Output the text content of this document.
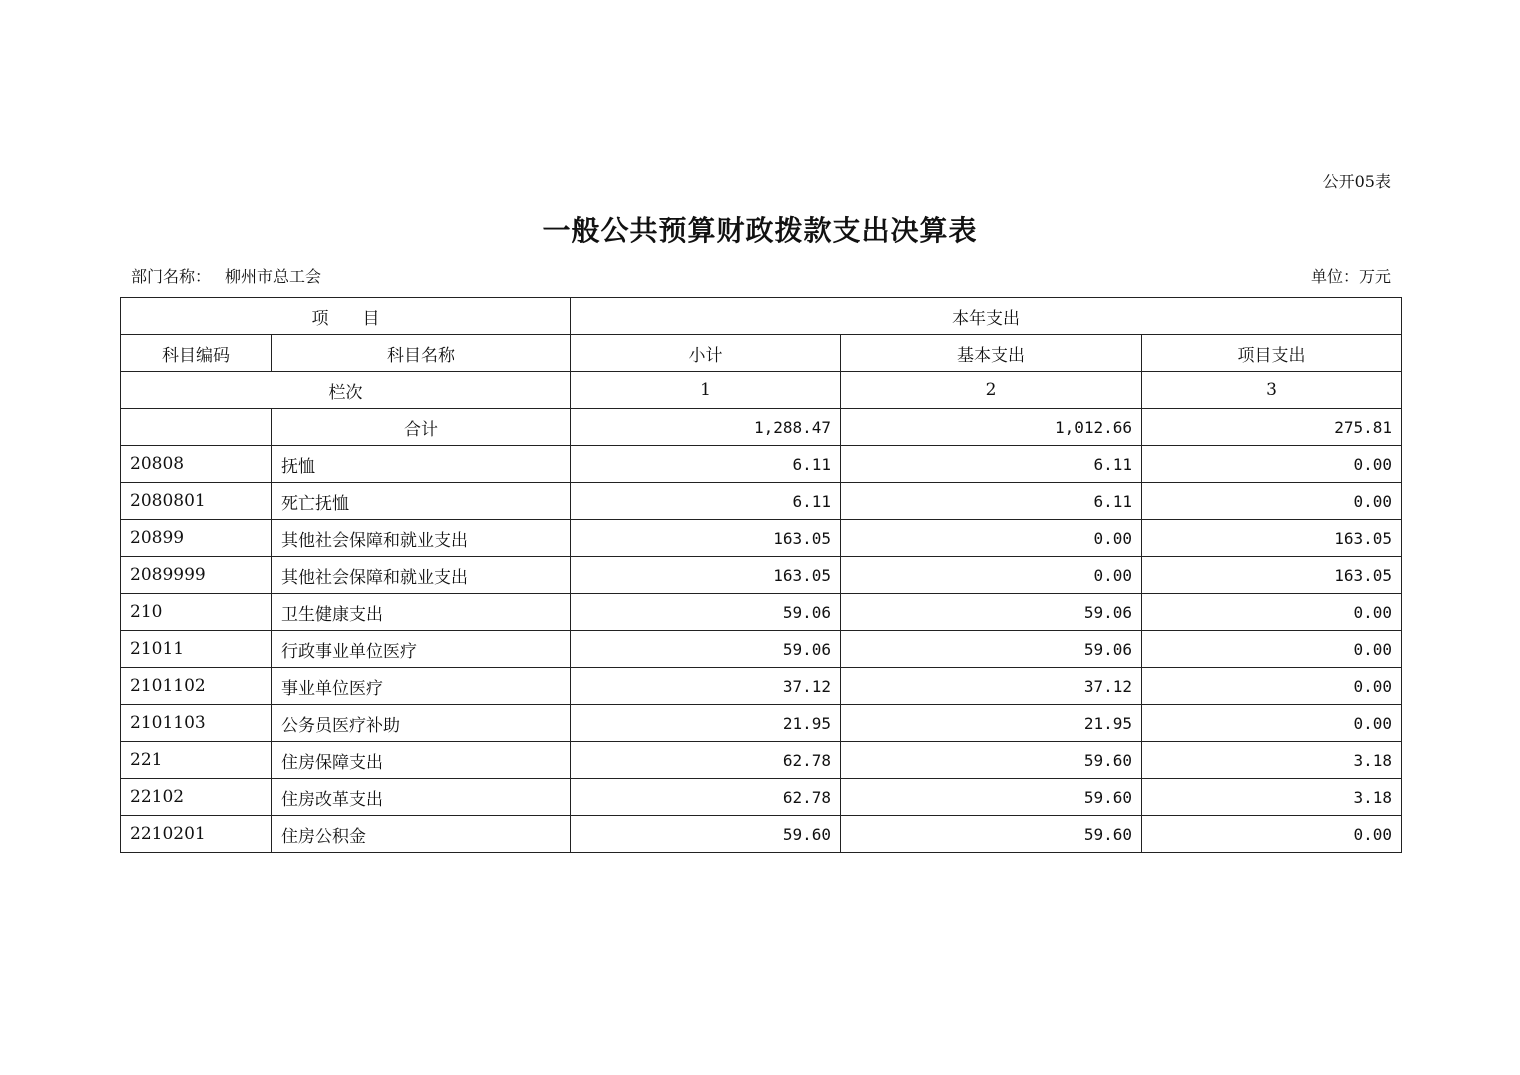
公开05表
一般公共预算财政拨款支出决算表
部门名称： 柳州市总工会	单位：万元
项 目		本年支出		
科目编码	科目名称	小计	基本支出	项目支出
栏次		1	2	3
	合计	1,288.47	1,012.66	275.81
20808	抚恤	6.11	6.11	0.00
2080801	死亡抚恤	6.11	6.11	0.00
20899	其他社会保障和就业支出	163.05	0.00	163.05
2089999	其他社会保障和就业支出	163.05	0.00	163.05
210	卫生健康支出	59.06	59.06	0.00
21011	行政事业单位医疗	59.06	59.06	0.00
2101102	事业单位医疗	37.12	37.12	0.00
2101103	公务员医疗补助	21.95	21.95	0.00
221	住房保障支出	62.78	59.60	3.18
22102	住房改革支出	62.78	59.60	3.18
2210201	住房公积金	59.60	59.60	0.00
